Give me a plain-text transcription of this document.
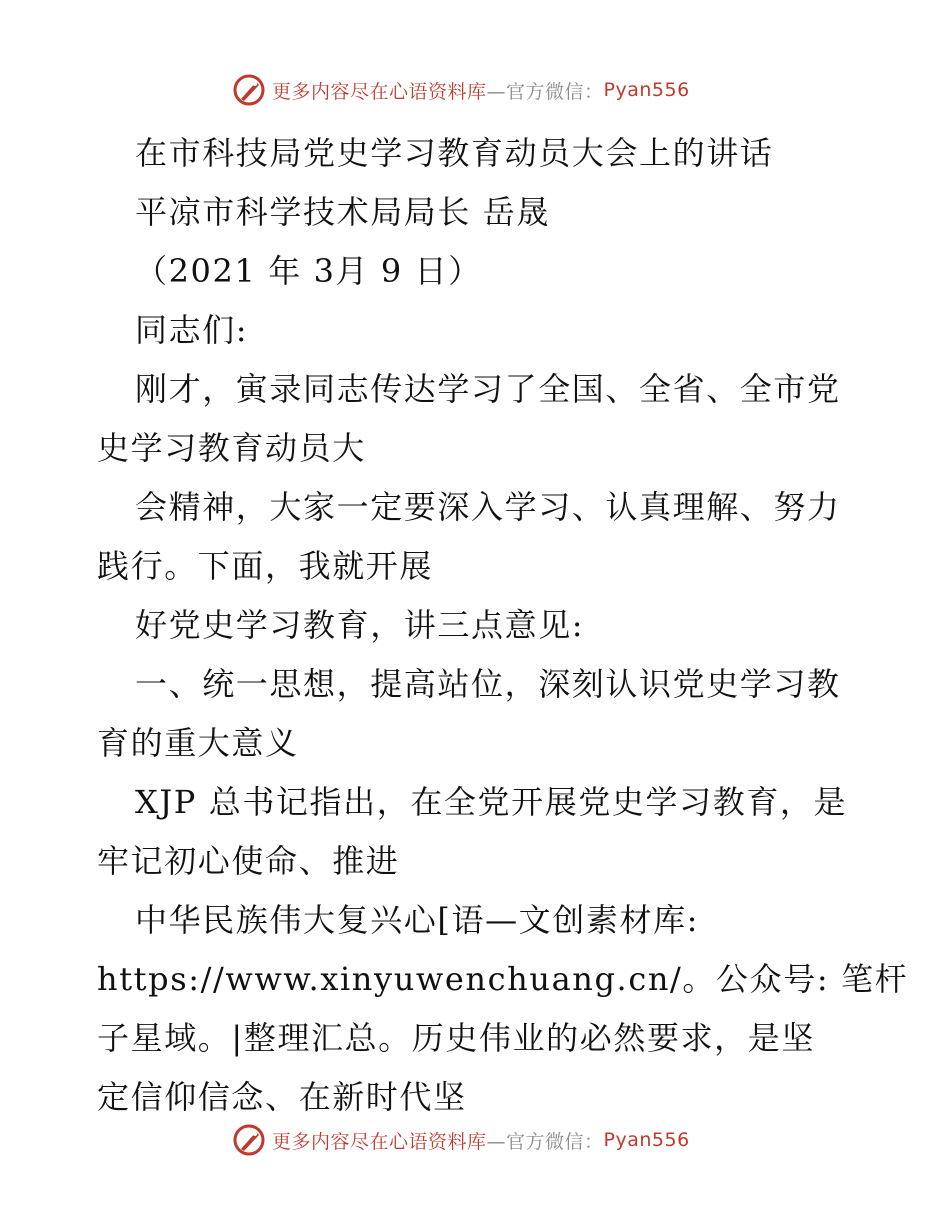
更多内容尽在心语资料库 —官方微信： Pyan556
在市科技局党史学习教育动员大会上的讲话
平凉市科学技术局局长 岳晟
（2021 年 3月 9 日）
同志们:
刚才，寅录同志传达学习了全国、全省、全市党
史学习教育动员大
会精神，大家一定要深入学习、认真理解、努力
践行。下面，我就开展
好党史学习教育，讲三点意见:
一、统一思想，提高站位，深刻认识党史学习教
育的重大意义
XJP 总书记指出，在全党开展党史学习教育，是
牢记初心使命、推进
中华民族伟大复兴心[语—文创素材库:
https://www.xinyuwenchuang.cn/。公众号: 笔杆
子星域。|整理汇总。历史伟业的必然要求，是坚
定信仰信念、在新时代坚
更多内容尽在心语资料库 —官方微信： Pyan556
